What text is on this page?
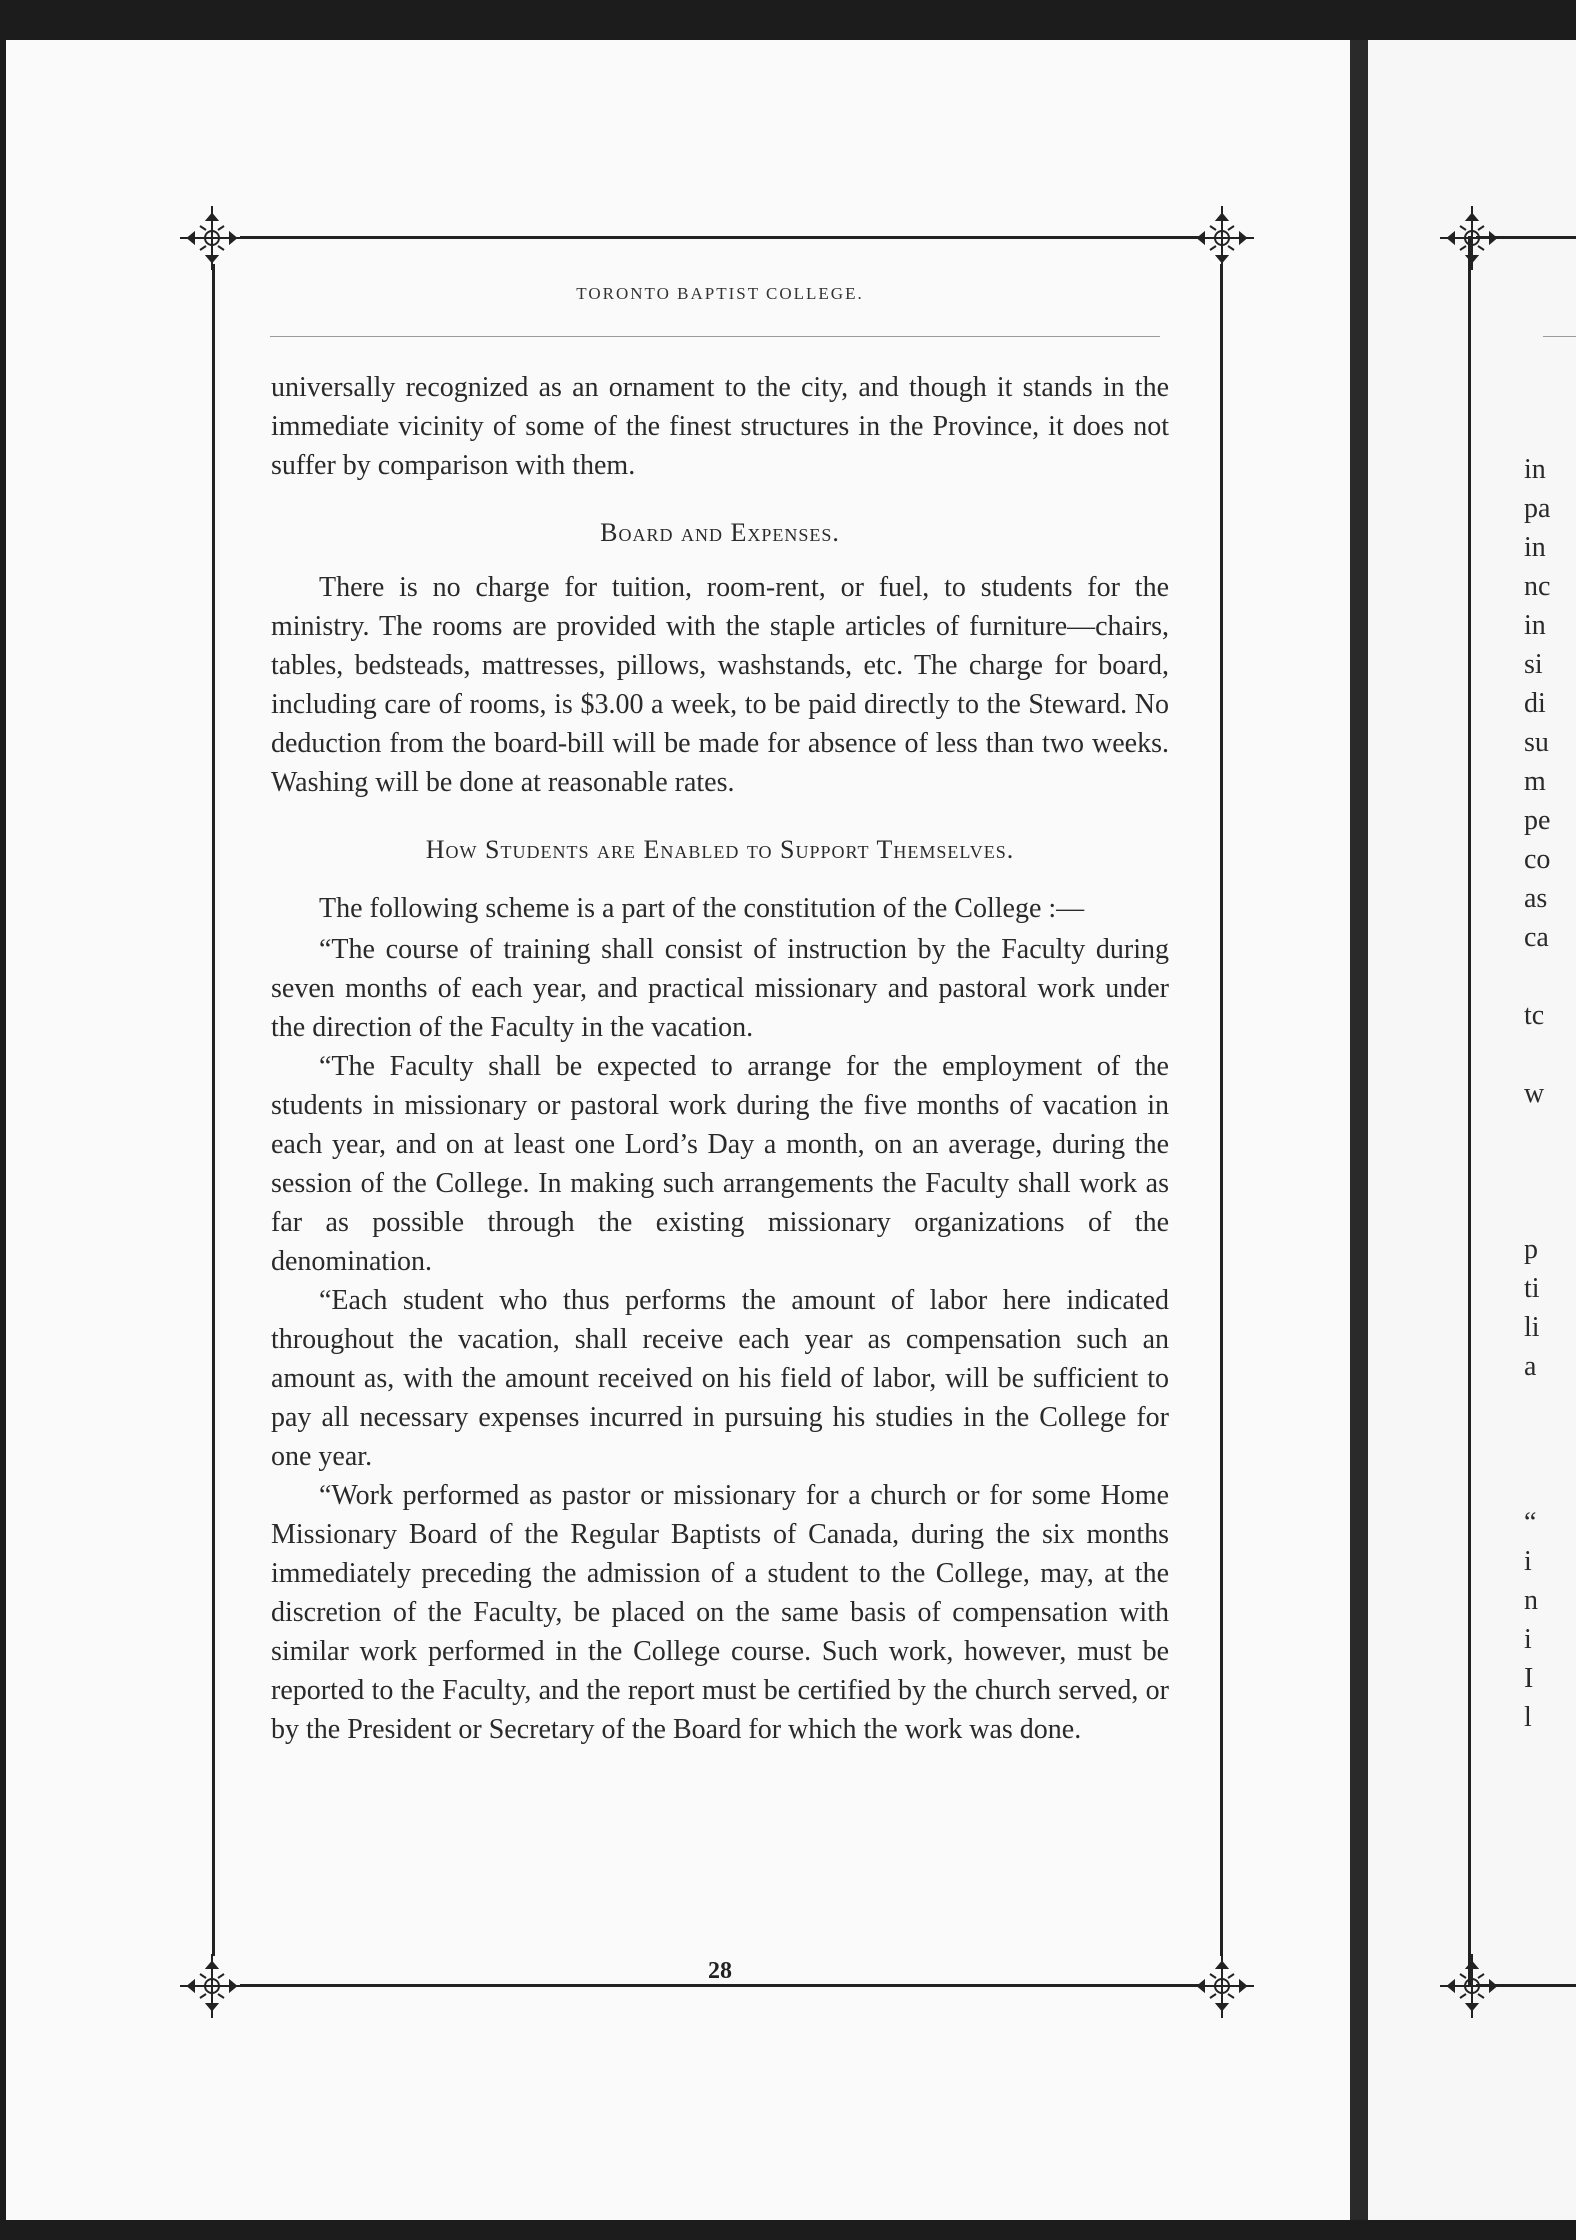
in
pa
in
nc
in
si
di
su
m
pe
co
as
ca
tc
w
p
ti
li
a
“
i
n
i
I
l
TORONTO BAPTIST COLLEGE.

universally recognized as an ornament to the city, and though it stands in the immediate vicinity of some of the finest structures in the Province, it does not suffer by comparison with them.

Board and Expenses.

There is no charge for tuition, room-rent, or fuel, to students for the ministry. The rooms are provided with the staple articles of furniture—chairs, tables, bedsteads, mattresses, pillows, washstands, etc. The charge for board, including care of rooms, is $3.00 a week, to be paid directly to the Steward. No deduction from the board-bill will be made for absence of less than two weeks. Washing will be done at reasonable rates.

How Students are Enabled to Support Themselves.

The following scheme is a part of the constitution of the College :—

“The course of training shall consist of instruction by the Faculty during seven months of each year, and practical missionary and pastoral work under the direction of the Faculty in the vacation.

“The Faculty shall be expected to arrange for the employment of the students in missionary or pastoral work during the five months of vacation in each year, and on at least one Lord’s Day a month, on an average, during the session of the College. In making such arrangements the Faculty shall work as far as possible through the existing missionary organizations of the denomination.

“Each student who thus performs the amount of labor here indicated throughout the vacation, shall receive each year as compensation such an amount as, with the amount received on his field of labor, will be sufficient to pay all necessary expenses incurred in pursuing his studies in the College for one year.

“Work performed as pastor or missionary for a church or for some Home Missionary Board of the Regular Baptists of Canada, during the six months immediately preceding the admission of a student to the College, may, at the discretion of the Faculty, be placed on the same basis of compensation with similar work performed in the College course. Such work, however, must be reported to the Faculty, and the report must be certified by the church served, or by the President or Secretary of the Board for which the work was done.

28
